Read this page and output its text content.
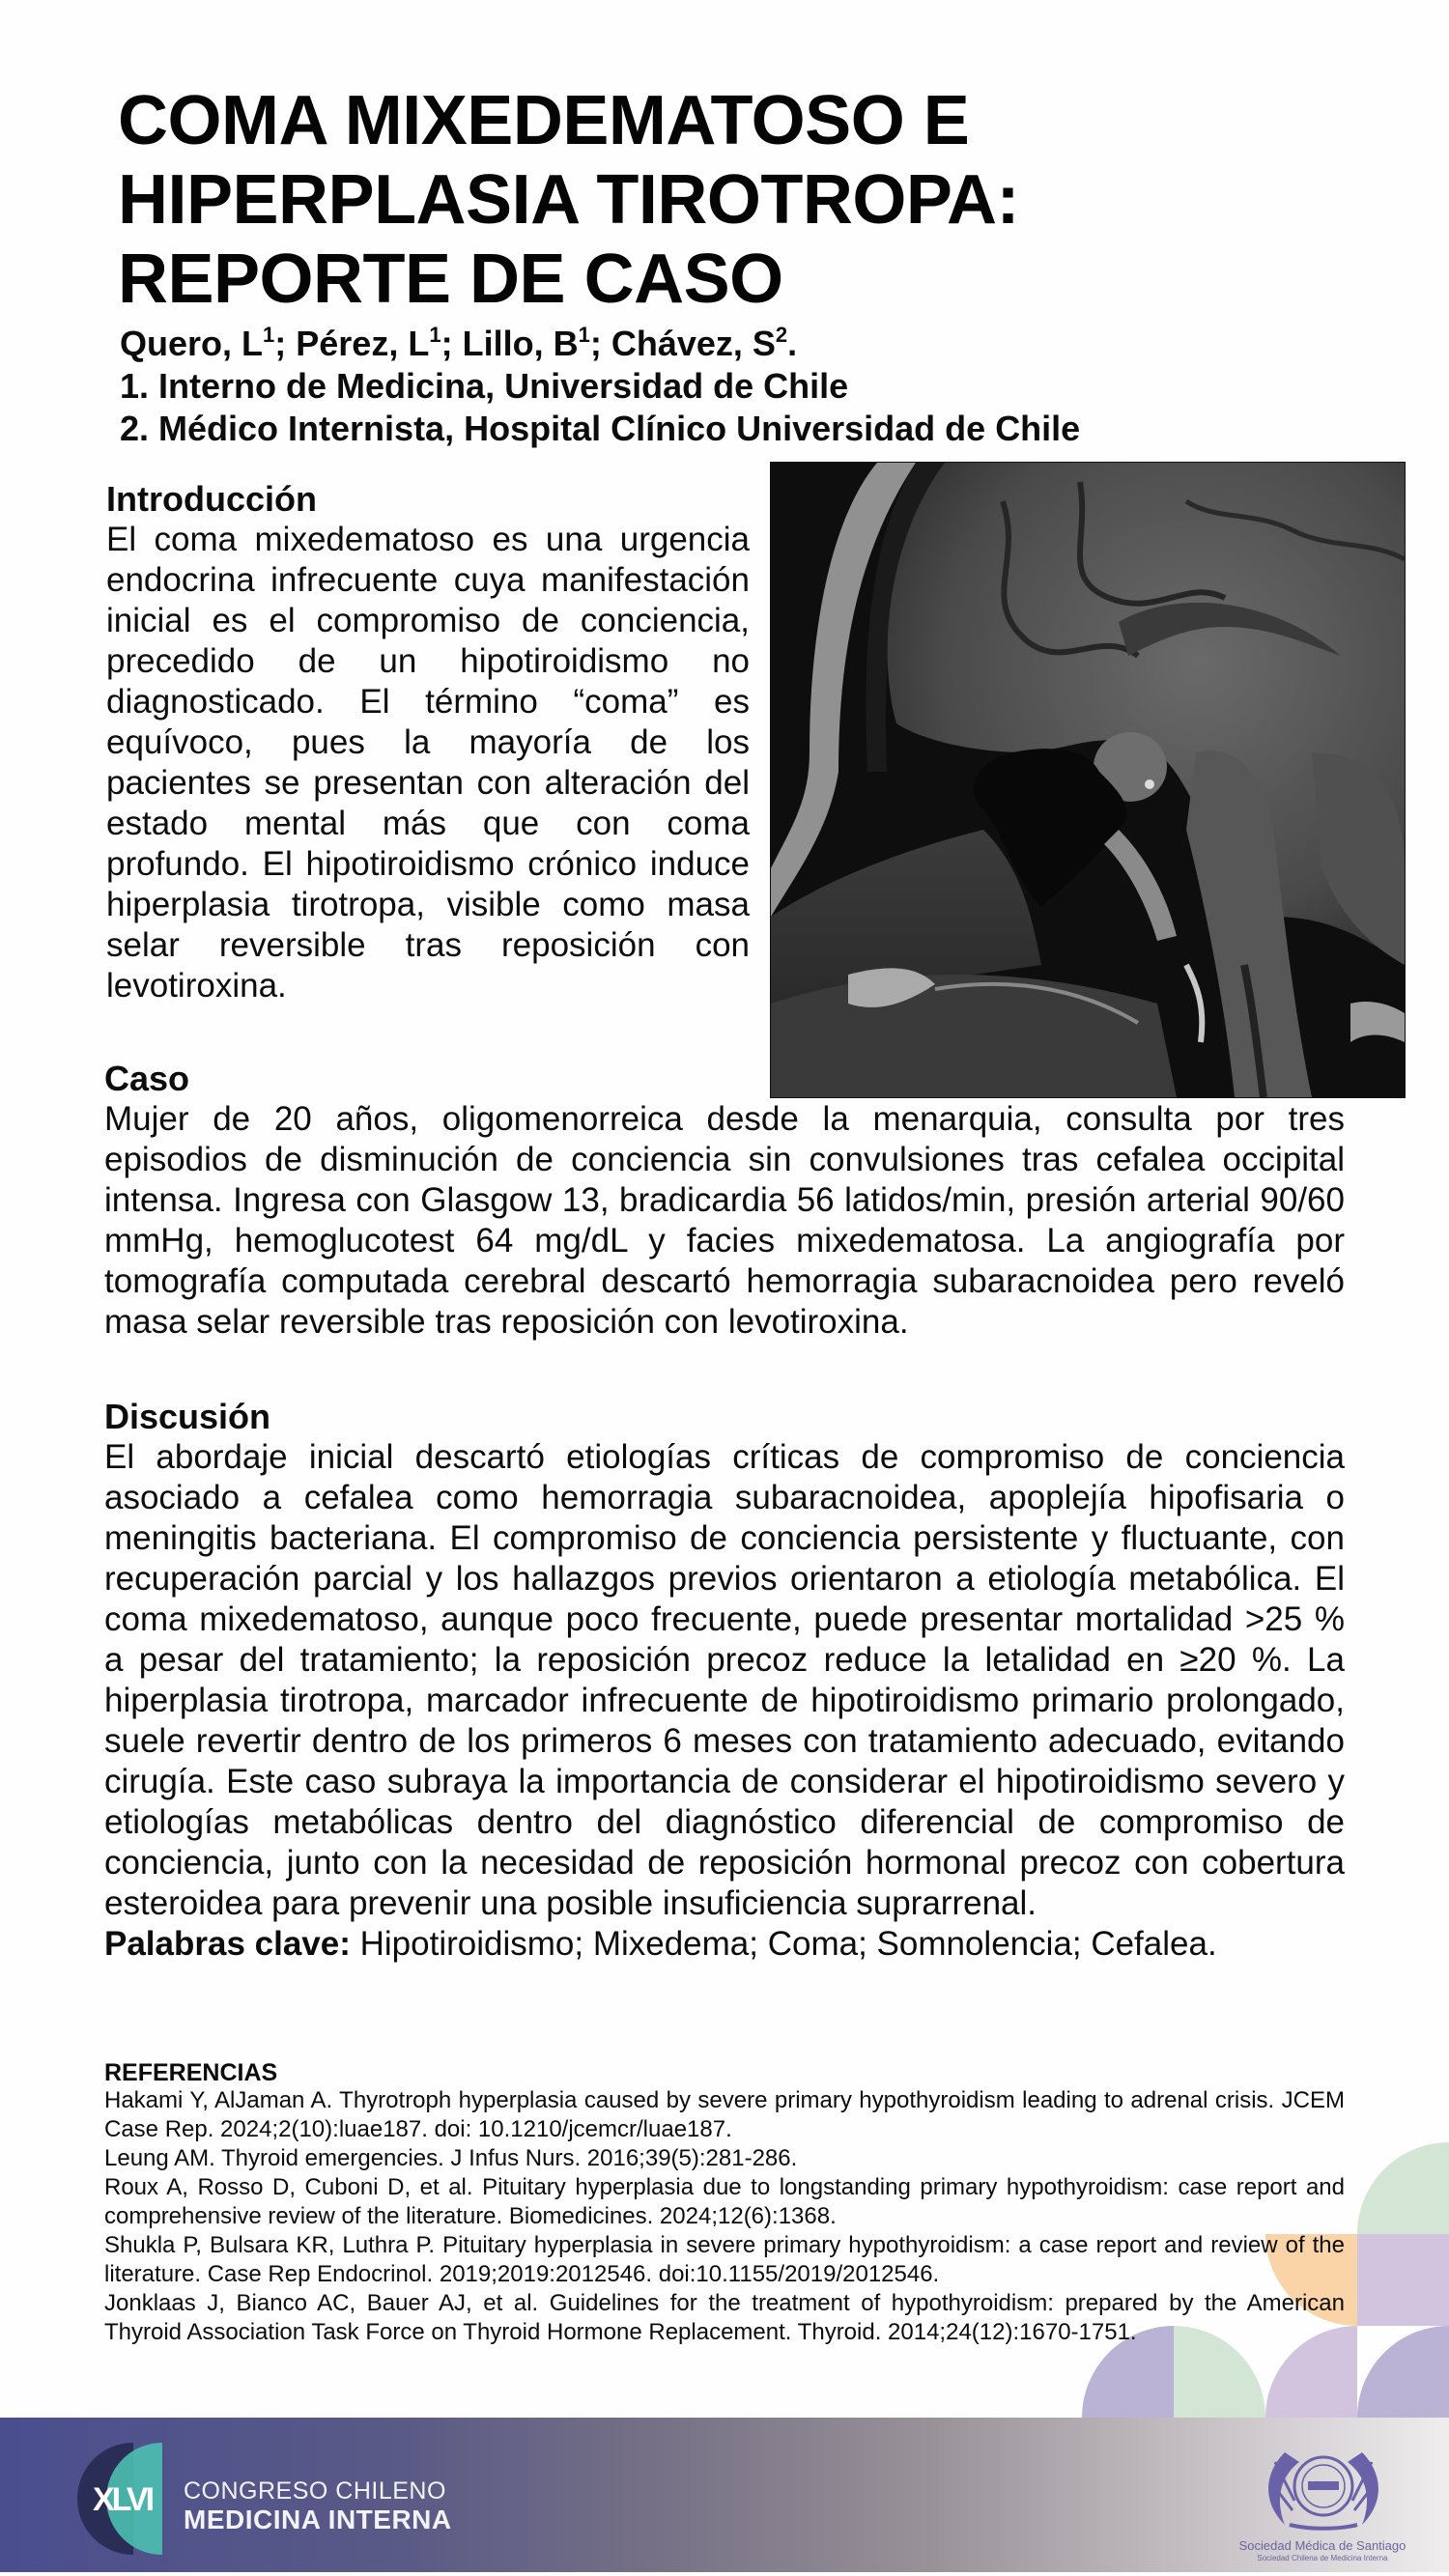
COMA MIXEDEMATOSO E
HIPERPLASIA TIROTROPA:
REPORTE DE CASO
Quero, $L^1$; Pérez, $L^1$; Lillo, $B^1$; Chávez, $S^2$.
1. Interno de Medicina, Universidad de Chile
2. Médico Internista, Hospital Clínico Universidad de Chile
Introducción

El coma mixedematoso es una urgencia endocrina infrecuente cuya manifestación inicial es el compromiso de conciencia, precedido de un hipotiroidismo no diagnosticado. El término “coma” es equívoco, pues la mayoría de los pacientes se presentan con alteración del estado mental más que con coma profundo. El hipotiroidismo crónico induce hiperplasia tirotropa, visible como masa selar reversible tras reposición con levotiroxina.

Caso

Mujer de 20 años, oligomenorreica desde la menarquia, consulta por tres episodios de disminución de conciencia sin convulsiones tras cefalea occipital intensa. Ingresa con Glasgow 13, bradicardia 56 latidos/min, presión arterial 90/60 mmHg, hemoglucotest 64 mg/dL y facies mixedematosa. La angiografía por tomografía computada cerebral descartó hemorragia subaracnoidea pero reveló masa selar reversible tras reposición con levotiroxina.

Discusión

El abordaje inicial descartó etiologías críticas de compromiso de conciencia asociado a cefalea como hemorragia subaracnoidea, apoplejía hipofisaria o meningitis bacteriana. El compromiso de conciencia persistente y fluctuante, con recuperación parcial y los hallazgos previos orientaron a etiología metabólica. El coma mixedematoso, aunque poco frecuente, puede presentar mortalidad >25 % a pesar del tratamiento; la reposición precoz reduce la letalidad en ≥20 %. La hiperplasia tirotropa, marcador infrecuente de hipotiroidismo primario prolongado, suele revertir dentro de los primeros 6 meses con tratamiento adecuado, evitando cirugía. Este caso subraya la importancia de considerar el hipotiroidismo severo y etiologías metabólicas dentro del diagnóstico diferencial de compromiso de conciencia, junto con la necesidad de reposición hormonal precoz con cobertura esteroidea para prevenir una posible insuficiencia suprarrenal.

Palabras clave: Hipotiroidismo; Mixedema; Coma; Somnolencia; Cefalea.

REFERENCIAS

Hakami Y, AlJaman A. Thyrotroph hyperplasia caused by severe primary hypothyroidism leading to adrenal crisis. JCEM Case Rep. 2024;2(10):luae187. doi: 10.1210/jcemcr/luae187.

Leung AM. Thyroid emergencies. J Infus Nurs. 2016;39(5):281-286.

Roux A, Rosso D, Cuboni D, et al. Pituitary hyperplasia due to longstanding primary hypothyroidism: case report and comprehensive review of the literature. Biomedicines. 2024;12(6):1368.

Shukla P, Bulsara KR, Luthra P. Pituitary hyperplasia in severe primary hypothyroidism: a case report and review of the literature. Case Rep Endocrinol. 2019;2019:2012546. doi:10.1155/2019/2012546.

Jonklaas J, Bianco AC, Bauer AJ, et al. Guidelines for the treatment of hypothyroidism: prepared by the American Thyroid Association Task Force on Thyroid Hormone Replacement. Thyroid. 2014;24(12):1670-1751.

XLVI CONGRESO CHILENO
MEDICINA INTERNA
Sociedad Médica de Santiago
Sociedad Chilena de Medicina Interna
